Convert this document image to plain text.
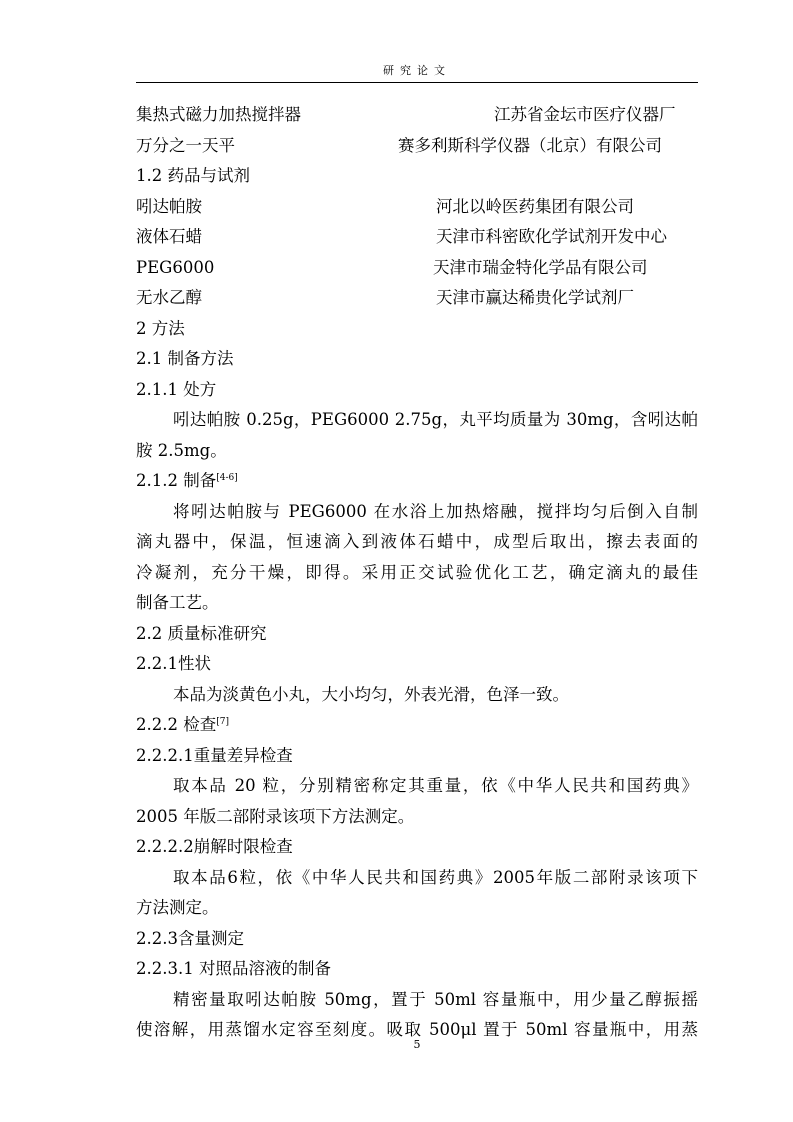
研究论文
集热式磁力加热搅拌器	江苏省金坛市医疗仪器厂
万分之一天平	赛多利斯科学仪器（北京）有限公司
1.2 药品与试剂
吲达帕胺	河北以岭医药集团有限公司
液体石蜡	天津市科密欧化学试剂开发中心
PEG6000	天津市瑞金特化学品有限公司
无水乙醇	天津市赢达稀贵化学试剂厂
2 方法
2.1 制备方法
2.1.1 处方
吲达帕胺 0.25g，PEG6000 2.75g，丸平均质量为 30mg，含吲达帕
胺 2.5mg。
2.1.2 制备[4-6]
将吲达帕胺与 PEG6000 在水浴上加热熔融，搅拌均匀后倒入自制
滴丸器中，保温，恒速滴入到液体石蜡中，成型后取出，擦去表面的
冷凝剂，充分干燥，即得。采用正交试验优化工艺，确定滴丸的最佳
制备工艺。
2.2 质量标准研究
2.2.1性状
本品为淡黄色小丸，大小均匀，外表光滑，色泽一致。
2.2.2 检查[7]
2.2.2.1重量差异检查
取本品 20 粒，分别精密称定其重量，依《中华人民共和国药典》
2005 年版二部附录该项下方法测定。
2.2.2.2崩解时限检查
取本品6粒，依《中华人民共和国药典》2005年版二部附录该项下
方法测定。
2.2.3含量测定
2.2.3.1 对照品溶液的制备
精密量取吲达帕胺 50mg，置于 50ml 容量瓶中，用少量乙醇振摇
使溶解，用蒸馏水定容至刻度。吸取 500μl 置于 50ml 容量瓶中，用蒸
5
